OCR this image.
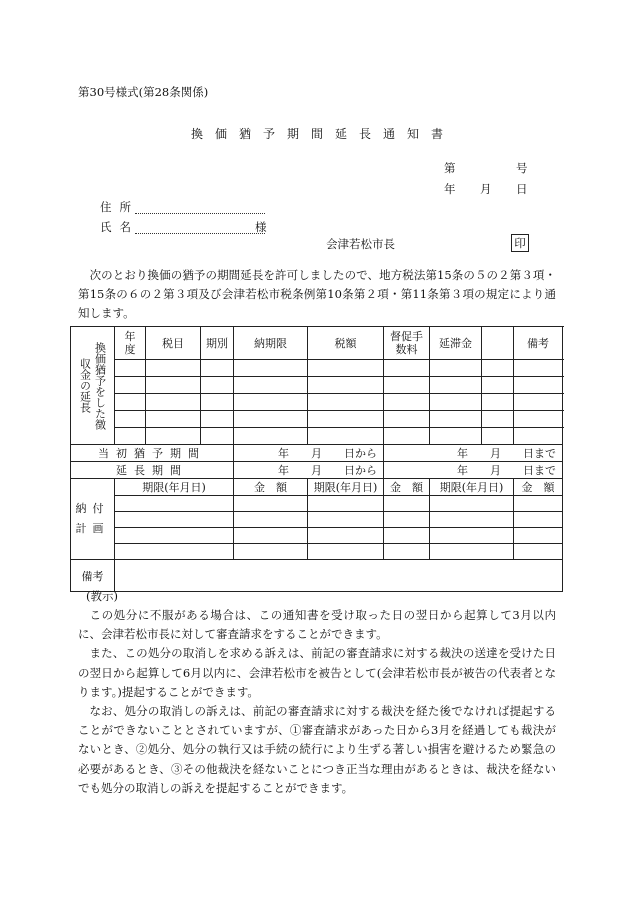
第30号様式(第28条関係)
換価猶予期間延長通知書
第	号
年 月 日
住所
氏名	様
会津若松市長	印
次のとおり換価の猶予の期間延長を許可しましたので、地方税法第15条の５の２第３項・第15条の６の２第３項及び会津若松市税条例第10条第２項・第11条第３項の規定により通知します。
換価猶予をした徴収金の延長	年度	税目	期別	納期限	税額	督促手数料	延滞金		備考

当初猶予期間				年　　月　　日から		年　　月　　日まで			
延長期間				年　　月　　日から		年　　月　　日まで			

納付計画	期限(年月日)			金　額	期限(年月日)	金　額	期限(年月日)		金　額

備考									
(教示)

この処分に不服がある場合は、この通知書を受け取った日の翌日から起算して3月以内に、会津若松市長に対して審査請求をすることができます。

また、この処分の取消しを求める訴えは、前記の審査請求に対する裁決の送達を受けた日の翌日から起算して6月以内に、会津若松市を被告として(会津若松市長が被告の代表者となります。)提起することができます。

なお、処分の取消しの訴えは、前記の審査請求に対する裁決を経た後でなければ提起することができないこととされていますが、①審査請求があった日から3月を経過しても裁決がないとき、②処分、処分の執行又は手続の続行により生ずる著しい損害を避けるため緊急の必要があるとき、③その他裁決を経ないことにつき正当な理由があるときは、裁決を経ないでも処分の取消しの訴えを提起することができます。
